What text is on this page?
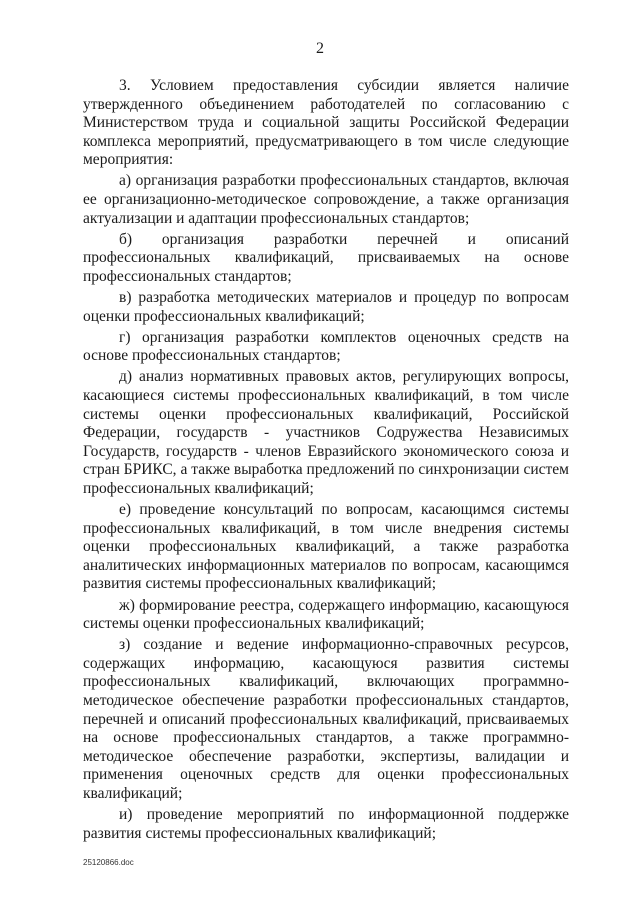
2

3. Условием предоставления субсидии является наличие утвержденного объединением работодателей по согласованию с Министерством труда и социальной защиты Российской Федерации комплекса мероприятий, предусматривающего в том числе следующие мероприятия:

а) организация разработки профессиональных стандартов, включая ее организационно-методическое сопровождение, а также организация актуализации и адаптации профессиональных стандартов;

б) организация разработки перечней и описаний профессиональных квалификаций, присваиваемых на основе профессиональных стандартов;

в) разработка методических материалов и процедур по вопросам оценки профессиональных квалификаций;

г) организация разработки комплектов оценочных средств на основе профессиональных стандартов;

д) анализ нормативных правовых актов, регулирующих вопросы, касающиеся системы профессиональных квалификаций, в том числе системы оценки профессиональных квалификаций, Российской Федерации, государств - участников Содружества Независимых Государств, государств - членов Евразийского экономического союза и стран БРИКС, а также выработка предложений по синхронизации систем профессиональных квалификаций;

е) проведение консультаций по вопросам, касающимся системы профессиональных квалификаций, в том числе внедрения системы оценки профессиональных квалификаций, а также разработка аналитических информационных материалов по вопросам, касающимся развития системы профессиональных квалификаций;

ж) формирование реестра, содержащего информацию, касающуюся системы оценки профессиональных квалификаций;

з) создание и ведение информационно-справочных ресурсов, содержащих информацию, касающуюся развития системы профессиональных квалификаций, включающих программно-методическое обеспечение разработки профессиональных стандартов, перечней и описаний профессиональных квалификаций, присваиваемых на основе профессиональных стандартов, а также программно-методическое обеспечение разработки, экспертизы, валидации и применения оценочных средств для оценки профессиональных квалификаций;

и) проведение мероприятий по информационной поддержке развития системы профессиональных квалификаций;

25120866.doc
